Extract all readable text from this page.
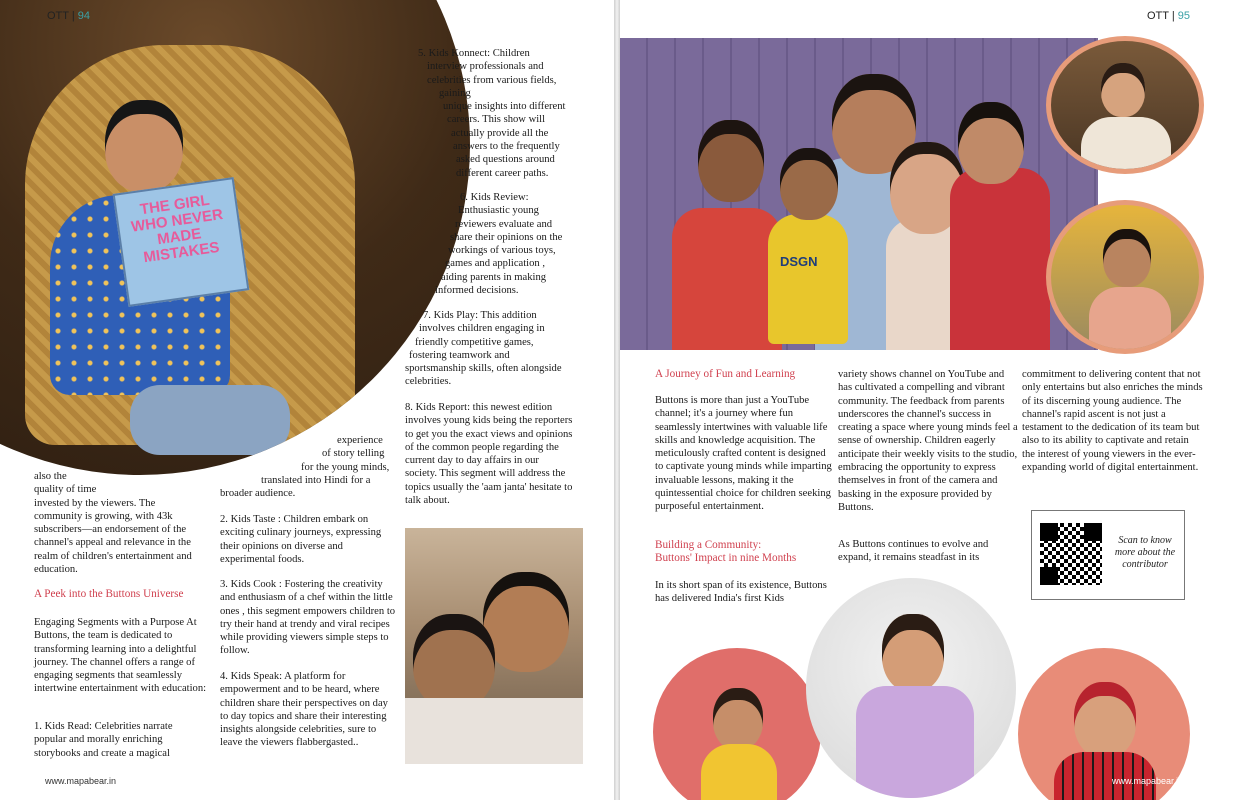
THE GIRL WHO NEVER MADE MISTAKES
OTT | 94

also the

quality of time

invested by the viewers. The

community is growing, with 43k

subscribers—an endorsement of the

channel's appeal and relevance in the

realm of children's entertainment and

education.

A Peek into the Buttons Universe
Engaging Segments with a Purpose At Buttons, the team is dedicated to transforming learning into a delightful journey. The channel offers a range of engaging segments that seamlessly intertwine entertainment with education:
1. Kids Read: Celebrities narrate popular and morally enriching storybooks and create a magical

experience

of story telling

for the young minds,

translated into Hindi for a

broader audience.

2. Kids Taste : Children embark on exciting culinary journeys, expressing their opinions on diverse and experimental foods.
3. Kids Cook : Fostering the creativity and enthusiasm of a chef within the little ones , this segment empowers children to try their hand at trendy and viral recipes while providing viewers simple steps to follow.
4. Kids Speak: A platform for empowerment and to be heard, where children share their perspectives on day to day topics and share their interesting insights alongside celebrities, sure to leave the viewers flabbergasted..

5. Kids Konnect: Children

interview professionals and

celebrities from various fields,

gaining

unique insights into different

careers. This show will

actually provide all the

answers to the frequently

asked questions around

different career paths.

6. Kids Review:

Enthusiastic young

reviewers evaluate and

share their opinions on the

workings of various toys,

games and application ,

aiding parents in making

informed decisions.

7. Kids Play: This addition

involves children engaging in

friendly competitive games,

fostering teamwork and

sportsmanship skills, often alongside

celebrities.

8. Kids Report: this newest edition involves young kids being the reporters to get you the exact views and opinions of the common people regarding the current day to day affairs in our society. This segment will address the topics usually the 'aam janta' hesitate to talk about.
www.mapabear.in
OTT | 95
DSGN
A Journey of Fun and Learning
Buttons is more than just a YouTube channel; it's a journey where fun seamlessly intertwines with valuable life skills and knowledge acquisition. The meticulously crafted content is designed to captivate young minds while imparting invaluable lessons, making it the quintessential choice for children seeking purposeful entertainment.

Building a Community:

Buttons' Impact in nine Months

In its short span of its existence, Buttons has delivered India's first Kids
variety shows channel on YouTube and has cultivated a compelling and vibrant community. The feedback from parents underscores the channel's success in creating a space where young minds feel a sense of ownership. Children eagerly anticipate their weekly visits to the studio, embracing the opportunity to express themselves in front of the camera and basking in the exposure provided by Buttons.
As Buttons continues to evolve and expand, it remains steadfast in its
commitment to delivering content that not only entertains but also enriches the minds of its discerning young audience. The channel's rapid ascent is not just a testament to the dedication of its team but also to its ability to captivate and retain the interest of young viewers in the ever-expanding world of digital entertainment.
Scan to know more about the contributor
www.mapabear.in
